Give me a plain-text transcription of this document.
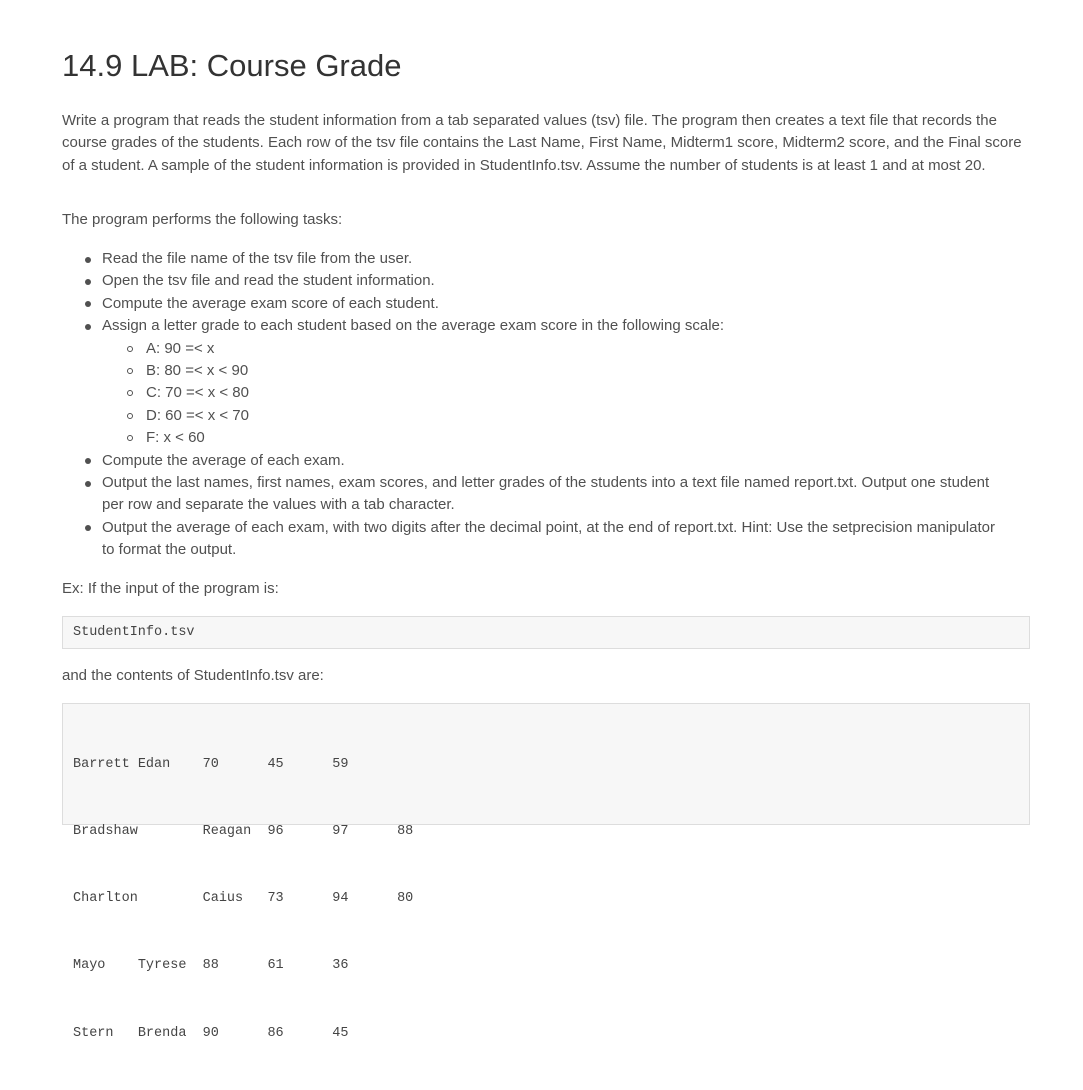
14.9 LAB: Course Grade

Write a program that reads the student information from a tab separated values (tsv) file. The program then creates a text file that records the course grades of the students. Each row of the tsv file contains the Last Name, First Name, Midterm1 score, Midterm2 score, and the Final score of a student. A sample of the student information is provided in StudentInfo.tsv. Assume the number of students is at least 1 and at most 20.

The program performs the following tasks:

Read the file name of the tsv file from the user.
Open the tsv file and read the student information.
Compute the average exam score of each student.
Assign a letter grade to each student based on the average exam score in the following scale:
A: 90 =< x
B: 80 =< x < 90
C: 70 =< x < 80
D: 60 =< x < 70
F: x < 60
Compute the average of each exam.
Output the last names, first names, exam scores, and letter grades of the students into a text file named report.txt. Output one student per row and separate the values with a tab character.
Output the average of each exam, with two digits after the decimal point, at the end of report.txt. Hint: Use the setprecision manipulator to format the output.

Ex: If the input of the program is:

StudentInfo.tsv

and the contents of StudentInfo.tsv are:

Barrett	Edan	70	45	59

Bradshaw	Reagan	96	97	88

Charlton	Caius	73	94	80

Mayo	Tyrese	88	61	36

Stern	Brenda	90	86	45
